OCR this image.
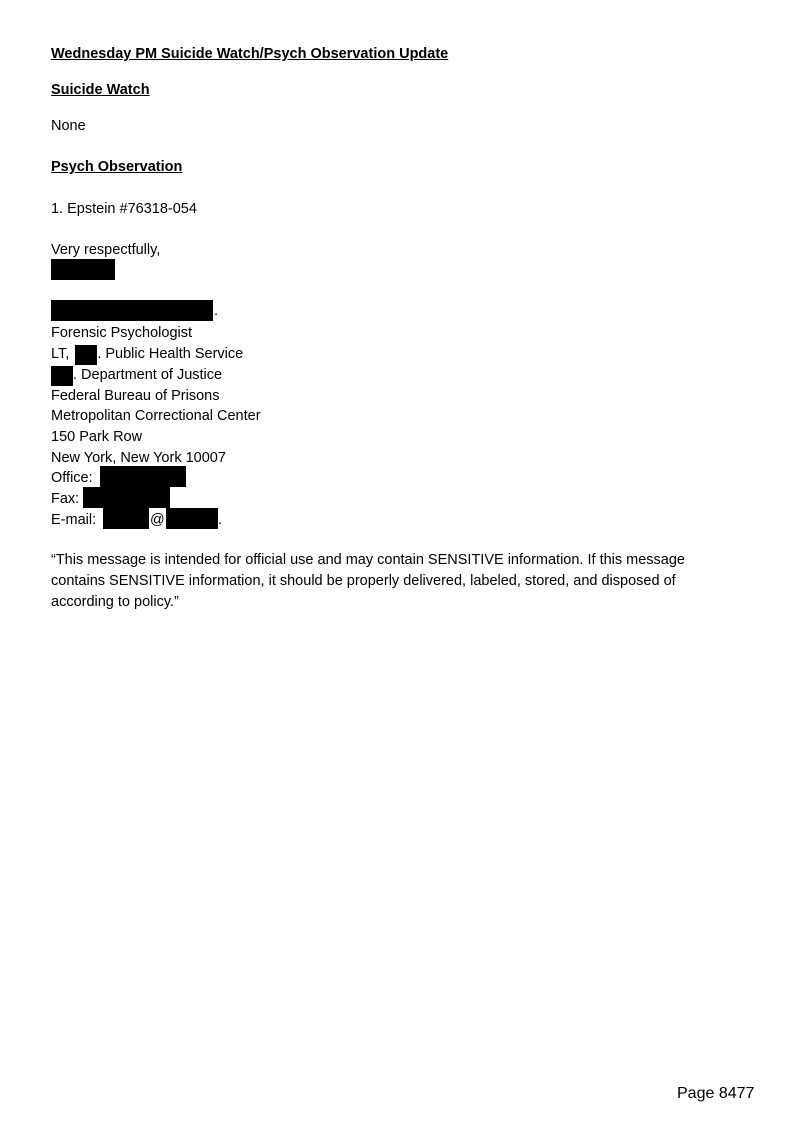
Wednesday PM Suicide Watch/Psych Observation Update
Suicide Watch
None
Psych Observation
1. Epstein #76318-054
Very respectfully,
.
Forensic Psychologist
LT, . Public Health Service
. Department of Justice
Federal Bureau of Prisons
Metropolitan Correctional Center
150 Park Row
New York, New York 10007
Office:
Fax:
E-mail:	@	.
“This message is intended for official use and may contain SENSITIVE information. If this message contains SENSITIVE information, it should be properly delivered, labeled, stored, and disposed of according to policy.”
Page 8477
